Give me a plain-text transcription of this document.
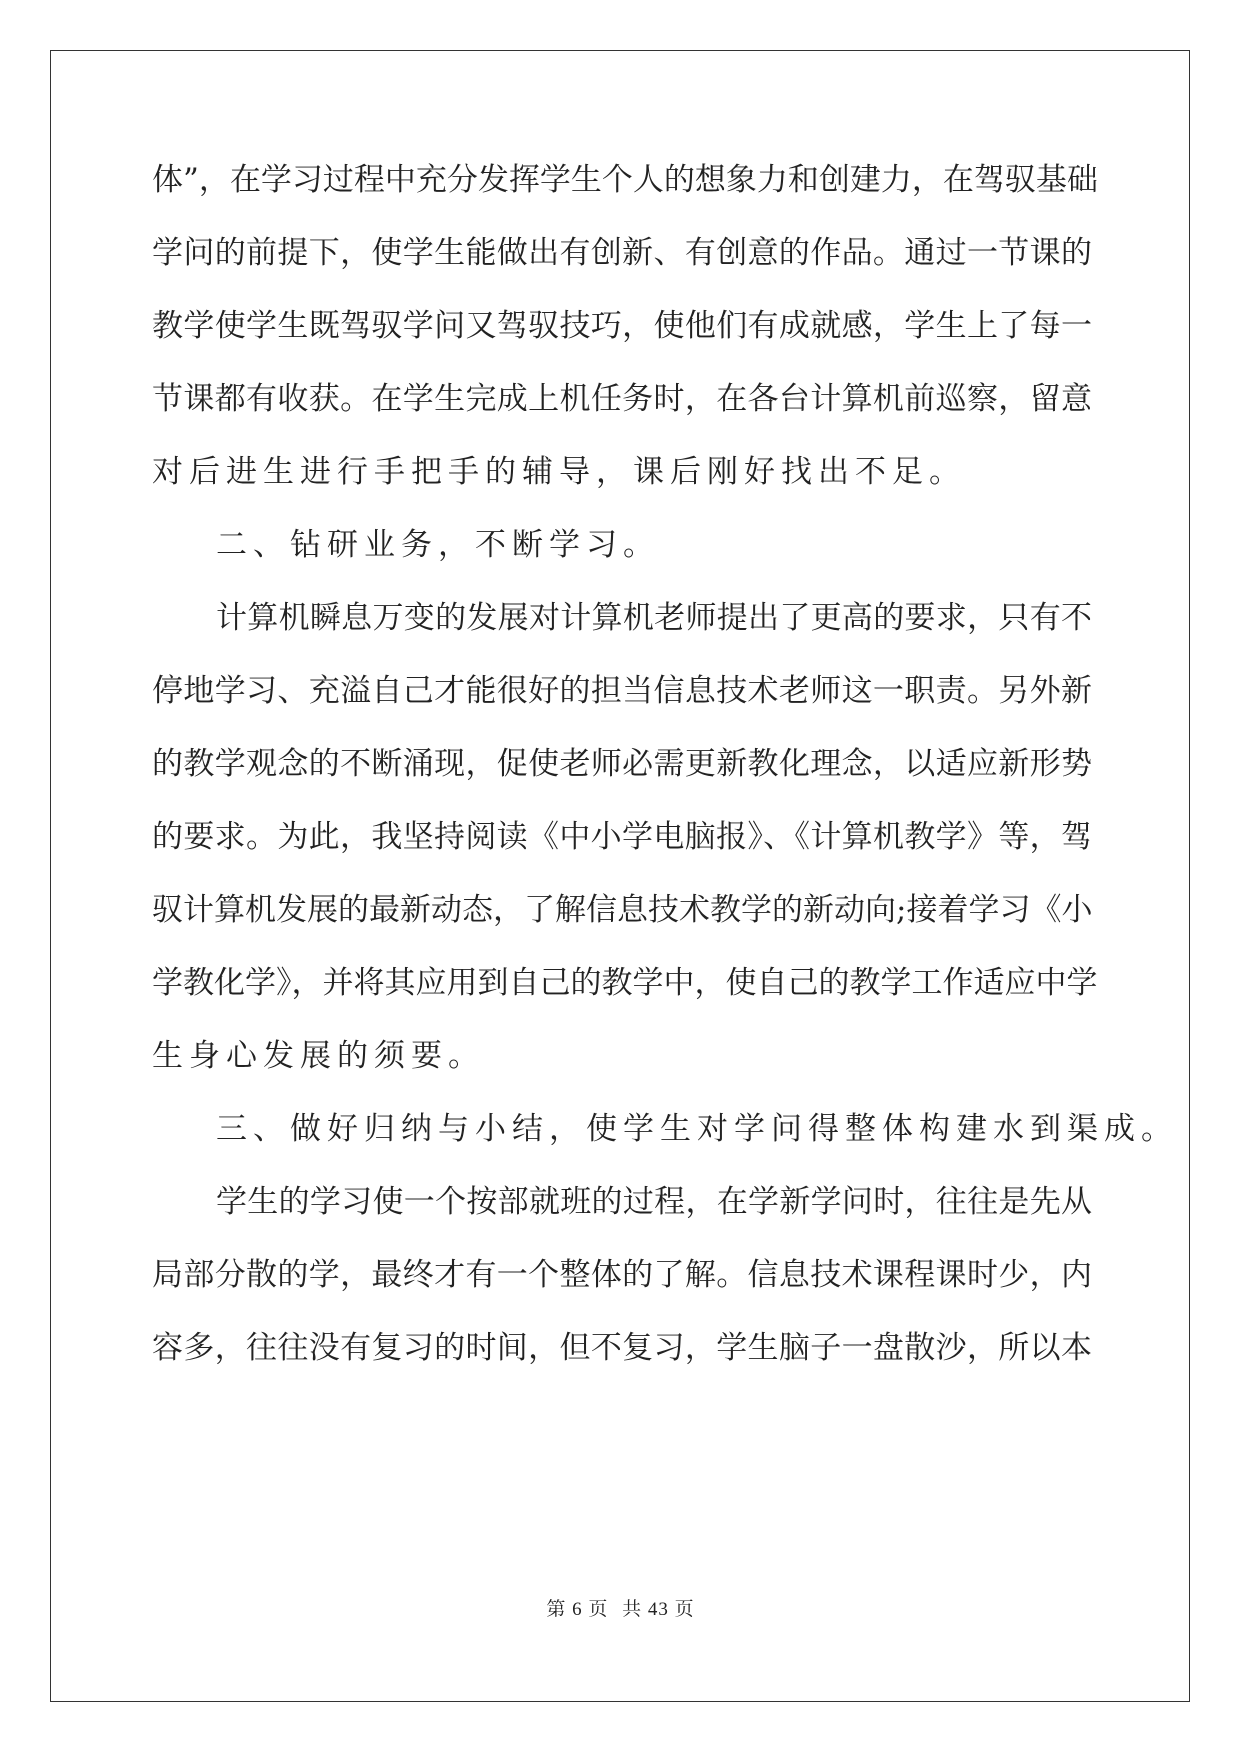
体”，在学习过程中充分发挥学生个人的想象力和创建力，在驾驭基础
学问的前提下，使学生能做出有创新、有创意的作品。通过一节课的
教学使学生既驾驭学问又驾驭技巧，使他们有成就感，学生上了每一
节课都有收获。在学生完成上机任务时，在各台计算机前巡察，留意
对后进生进行手把手的辅导，课后刚好找出不足。
二、钻研业务，不断学习。
计算机瞬息万变的发展对计算机老师提出了更高的要求，只有不
停地学习、充溢自己才能很好的担当信息技术老师这一职责。另外新
的教学观念的不断涌现，促使老师必需更新教化理念，以适应新形势
的要求。为此，我坚持阅读《中小学电脑报》、《计算机教学》等，驾
驭计算机发展的最新动态，了解信息技术教学的新动向;接着学习《小
学教化学》，并将其应用到自己的教学中，使自己的教学工作适应中学
生身心发展的须要。
三、做好归纳与小结，使学生对学问得整体构建水到渠成。
学生的学习使一个按部就班的过程，在学新学问时，往往是先从
局部分散的学，最终才有一个整体的了解。信息技术课程课时少，内
容多，往往没有复习的时间，但不复习，学生脑子一盘散沙，所以本
第 6 页 共 43 页
